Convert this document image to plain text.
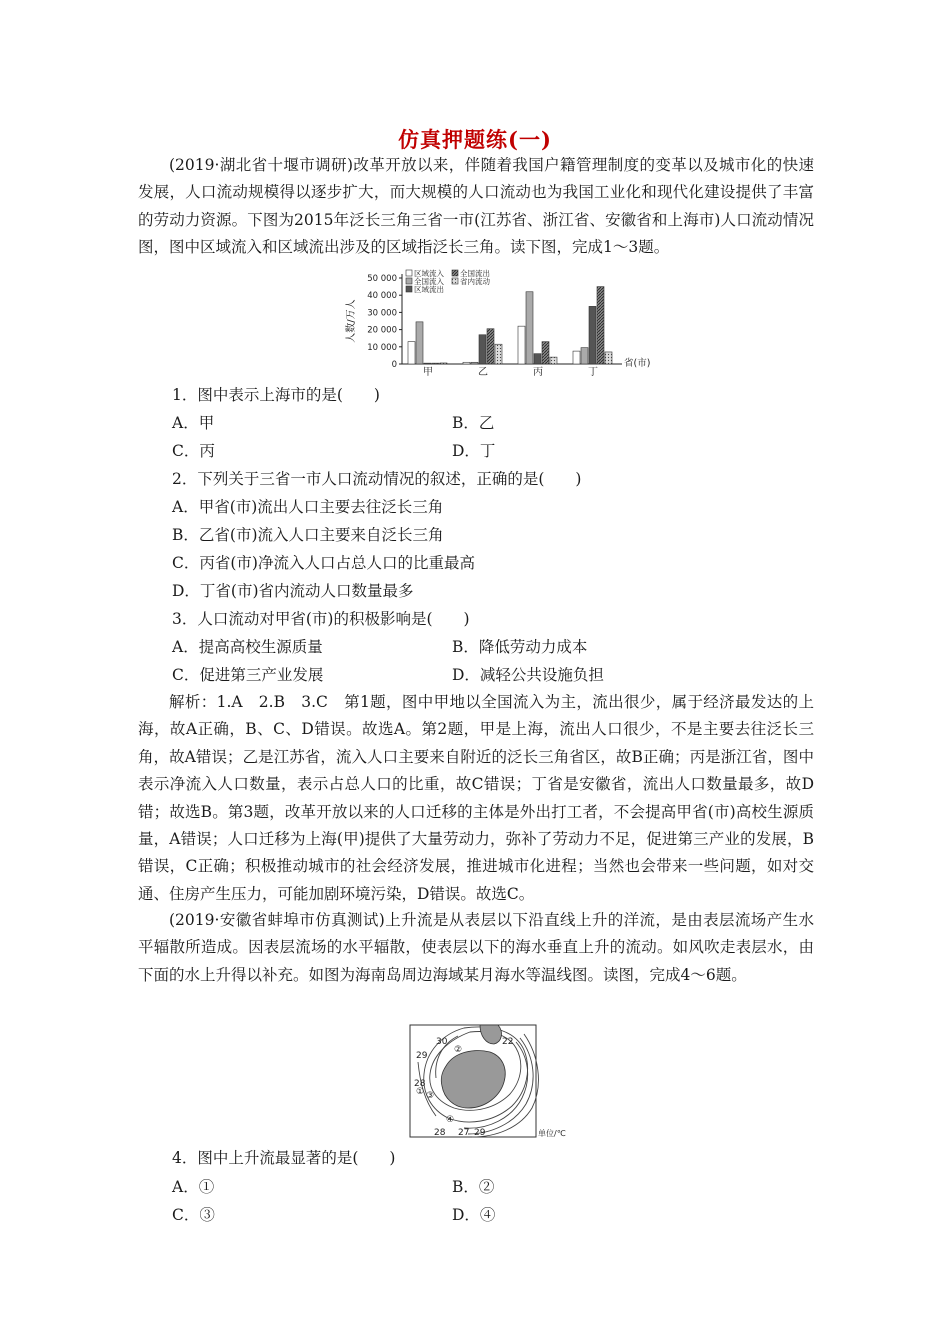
仿真押题练(一)

(2019·湖北省十堰市调研)改革开放以来，伴随着我国户籍管理制度的变革以及城市化的快速发展，人口流动规模得以逐步扩大，而大规模的人口流动也为我国工业化和现代化建设提供了丰富的劳动力资源。下图为2015年泛长三角三省一市(江苏省、浙江省、安徽省和上海市)人口流动情况图，图中区域流入和区域流出涉及的区域指泛长三角。读下图，完成1～3题。

50 000
40 000
30 000
20 000
10 000
0
人数/万人
省(市)
甲	乙	丙	丁
区域流入 全国流出
全国流入 省内流动
区域流出
1．图中表示上海市的是(　　)
A．甲	B．乙
C．丙	D．丁
2．下列关于三省一市人口流动情况的叙述，正确的是(　　)
A．甲省(市)流出人口主要去往泛长三角
B．乙省(市)流入人口主要来自泛长三角
C．丙省(市)净流入人口占总人口的比重最高
D．丁省(市)省内流动人口数量最多
3．人口流动对甲省(市)的积极影响是(　　)
A．提高高校生源质量	B．降低劳动力成本
C．促进第三产业发展	D．减轻公共设施负担

解析：1.A　2.B　3.C　第1题，图中甲地以全国流入为主，流出很少，属于经济最发达的上海，故A正确，B、C、D错误。故选A。第2题，甲是上海，流出人口很少，不是主要去往泛长三角，故A错误；乙是江苏省，流入人口主要来自附近的泛长三角省区，故B正确；丙是浙江省，图中表示净流入人口数量，表示占总人口的比重，故C错误；丁省是安徽省，流出人口数量最多，故D错；故选B。第3题，改革开放以来的人口迁移的主体是外出打工者，不会提高甲省(市)高校生源质量，A错误；人口迁移为上海(甲)提供了大量劳动力，弥补了劳动力不足，促进第三产业的发展，B错误，C正确；积极推动城市的社会经济发展，推进城市化进程；当然也会带来一些问题，如对交通、住房产生压力，可能加剧环境污染，D错误。故选C。

(2019·安徽省蚌埠市仿真测试)上升流是从表层以下沿直线上升的洋流，是由表层流场产生水平辐散所造成。因表层流场的水平辐散，使表层以下的海水垂直上升的流动。如风吹走表层水，由下面的水上升得以补充。如图为海南岛周边海域某月海水等温线图。读图，完成4～6题。

30	22
29
28
27 29
28
①
②
③
④
单位/℃
4．图中上升流最显著的是(　　)
A．①	B．②
C．③	D．④
